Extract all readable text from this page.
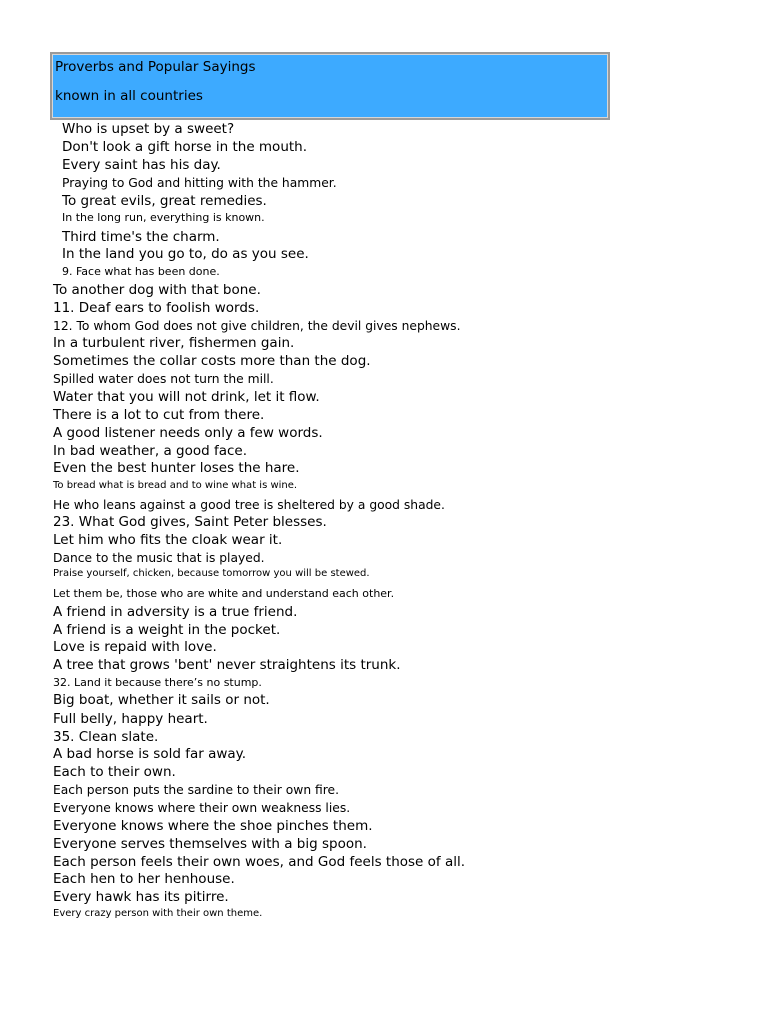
Proverbs and Popular Sayings
known in all countries
Who is upset by a sweet?
Don't look a gift horse in the mouth.
Every saint has his day.
Praying to God and hitting with the hammer.
To great evils, great remedies.
In the long run, everything is known.
Third time's the charm.
In the land you go to, do as you see.
9. Face what has been done.
To another dog with that bone.
11. Deaf ears to foolish words.
12. To whom God does not give children, the devil gives nephews.
In a turbulent river, fishermen gain.
Sometimes the collar costs more than the dog.
Spilled water does not turn the mill.
Water that you will not drink, let it flow.
There is a lot to cut from there.
A good listener needs only a few words.
In bad weather, a good face.
Even the best hunter loses the hare.
To bread what is bread and to wine what is wine.
He who leans against a good tree is sheltered by a good shade.
23. What God gives, Saint Peter blesses.
Let him who fits the cloak wear it.
Dance to the music that is played.
Praise yourself, chicken, because tomorrow you will be stewed.
Let them be, those who are white and understand each other.
A friend in adversity is a true friend.
A friend is a weight in the pocket.
Love is repaid with love.
A tree that grows 'bent' never straightens its trunk.
32. Land it because there’s no stump.
Big boat, whether it sails or not.
Full belly, happy heart.
35. Clean slate.
A bad horse is sold far away.
Each to their own.
Each person puts the sardine to their own fire.
Everyone knows where their own weakness lies.
Everyone knows where the shoe pinches them.
Everyone serves themselves with a big spoon.
Each person feels their own woes, and God feels those of all.
Each hen to her henhouse.
Every hawk has its pitirre.
Every crazy person with their own theme.
